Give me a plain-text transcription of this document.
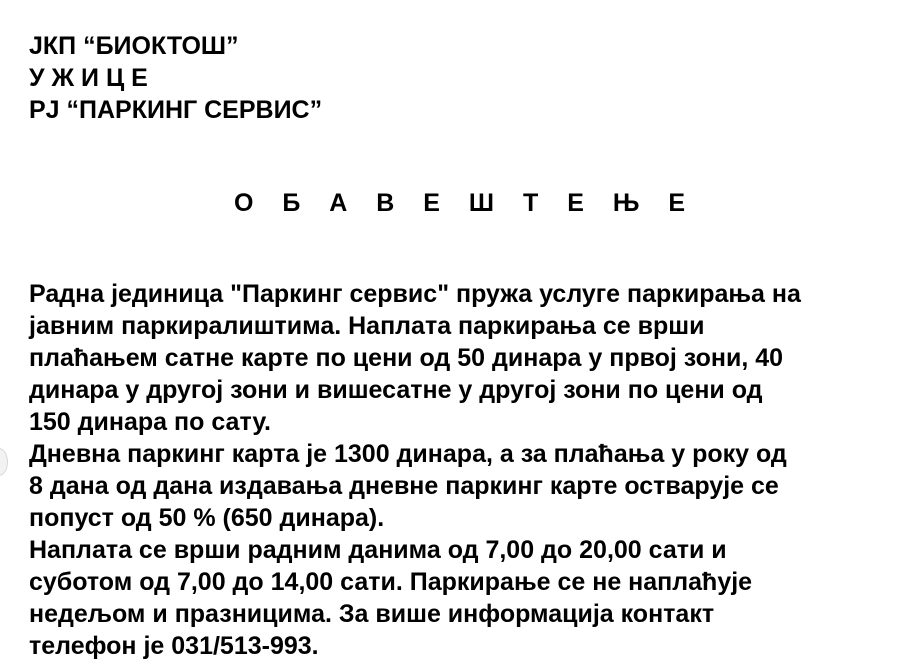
ЈКП “БИОКТОШ”
У Ж И Ц Е
РЈ “ПАРКИНГ СЕРВИС”
О Б А В Е Ш Т Е Њ Е
Радна јединица "Паркинг сервис" пружа услуге паркирања на
јавним паркиралиштима. Наплата паркирања се врши
плаћањем сатне карте по цени од 50 динара у првој зони, 40
динара у другој зони и вишесатне у другој зони по цени од
150 динара по сату.
Дневна паркинг карта је 1300 динара, а за плаћања у року од
8 дана од дана издавања дневне паркинг карте остварује се
попуст од 50 % (650 динара).
Наплата се врши радним данима од 7,00 до 20,00 сати и
суботом од 7,00 до 14,00 сати. Паркирање се не наплаћује
недељом и празницима. За више информација контакт
телефон је 031/513-993.
